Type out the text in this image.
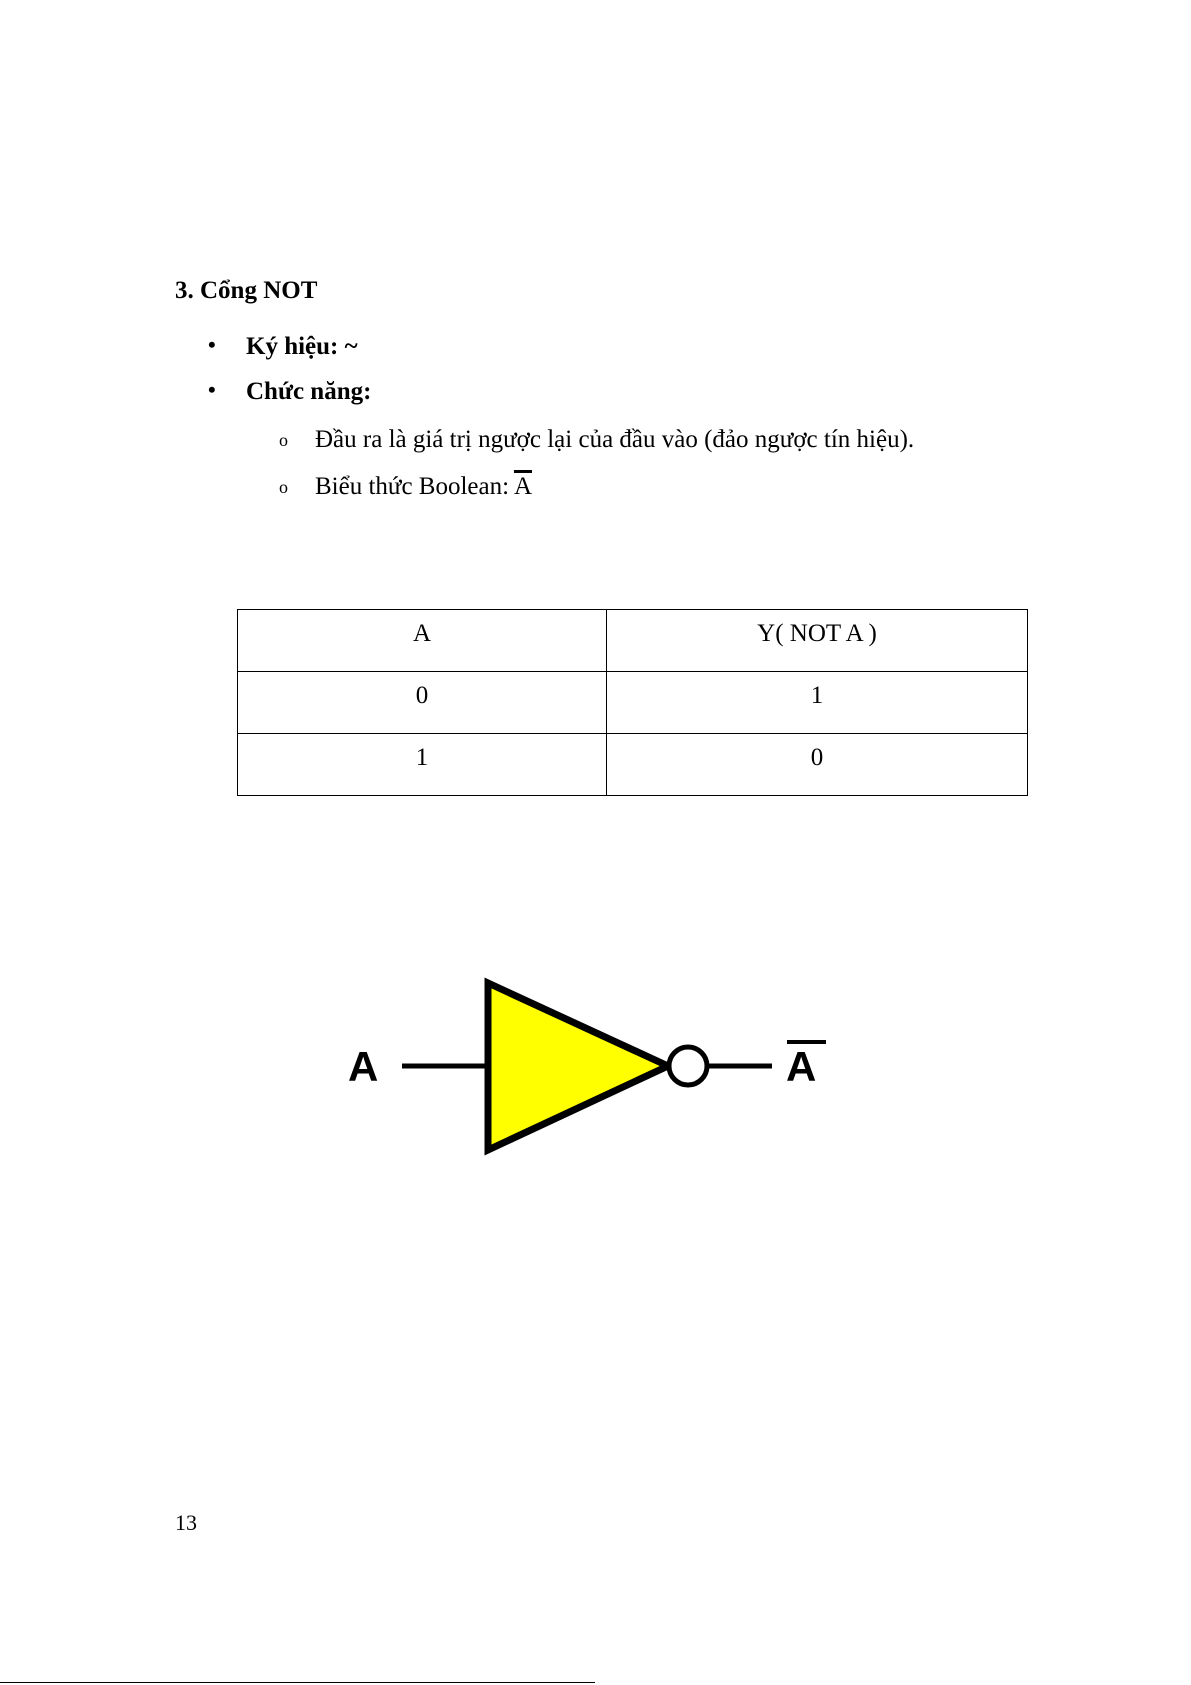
3. Cổng NOT
• Ký hiệu: ~
• Chức năng:
o Đầu ra là giá trị ngược lại của đầu vào (đảo ngược tín hiệu).
o Biểu thức Boolean: $\overline{A}$
A	Y( NOT A )
0	1
1	0
A	A
13
